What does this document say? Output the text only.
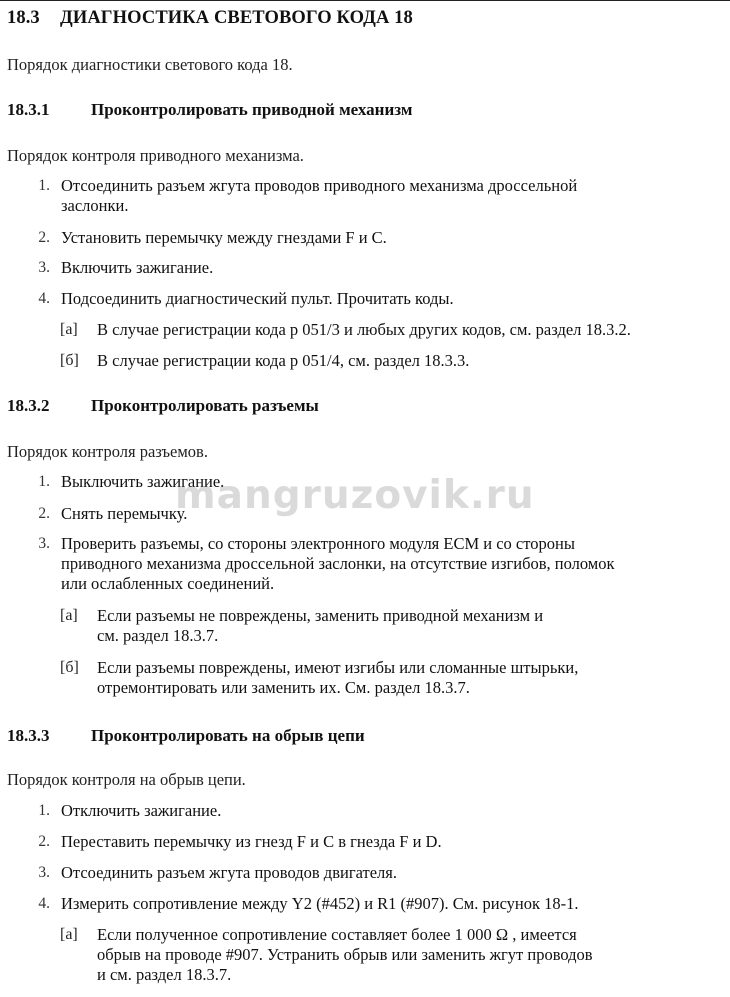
18.3 ДИАГНОСТИКА СВЕТОВОГО КОДА 18
Порядок диагностики светового кода 18.
18.3.1 Проконтролировать приводной механизм
Порядок контроля приводного механизма.
1. Отсоединить разъем жгута проводов приводного механизма дроссельной
заслонки.
2. Установить перемычку между гнездами F и C.
3. Включить зажигание.
4. Подсоединить диагностический пульт. Прочитать коды.
[а] В случае регистрации кода р 051/3 и любых других кодов, см. раздел 18.3.2.
[б] В случае регистрации кода р 051/4, см. раздел 18.3.3.
18.3.2 Проконтролировать разъемы
Порядок контроля разъемов.
1. Выключить зажигание.
2. Снять перемычку.
3. Проверить разъемы, со стороны электронного модуля ECM и со стороны
приводного механизма дроссельной заслонки, на отсутствие изгибов, поломок
или ослабленных соединений.
[а] Если разъемы не повреждены, заменить приводной механизм и
см. раздел 18.3.7.
[б] Если разъемы повреждены, имеют изгибы или сломанные штырьки,
отремонтировать или заменить их. См. раздел 18.3.7.
18.3.3 Проконтролировать на обрыв цепи
Порядок контроля на обрыв цепи.
1. Отключить зажигание.
2. Переставить перемычку из гнезд F и C в гнезда F и D.
3. Отсоединить разъем жгута проводов двигателя.
4. Измерить сопротивление между Y2 (#452) и R1 (#907). См. рисунок 18-1.
[а] Если полученное сопротивление составляет более 1 000 Ω , имеется
обрыв на проводе #907. Устранить обрыв или заменить жгут проводов
и см. раздел 18.3.7.
mangruzovik.ru
